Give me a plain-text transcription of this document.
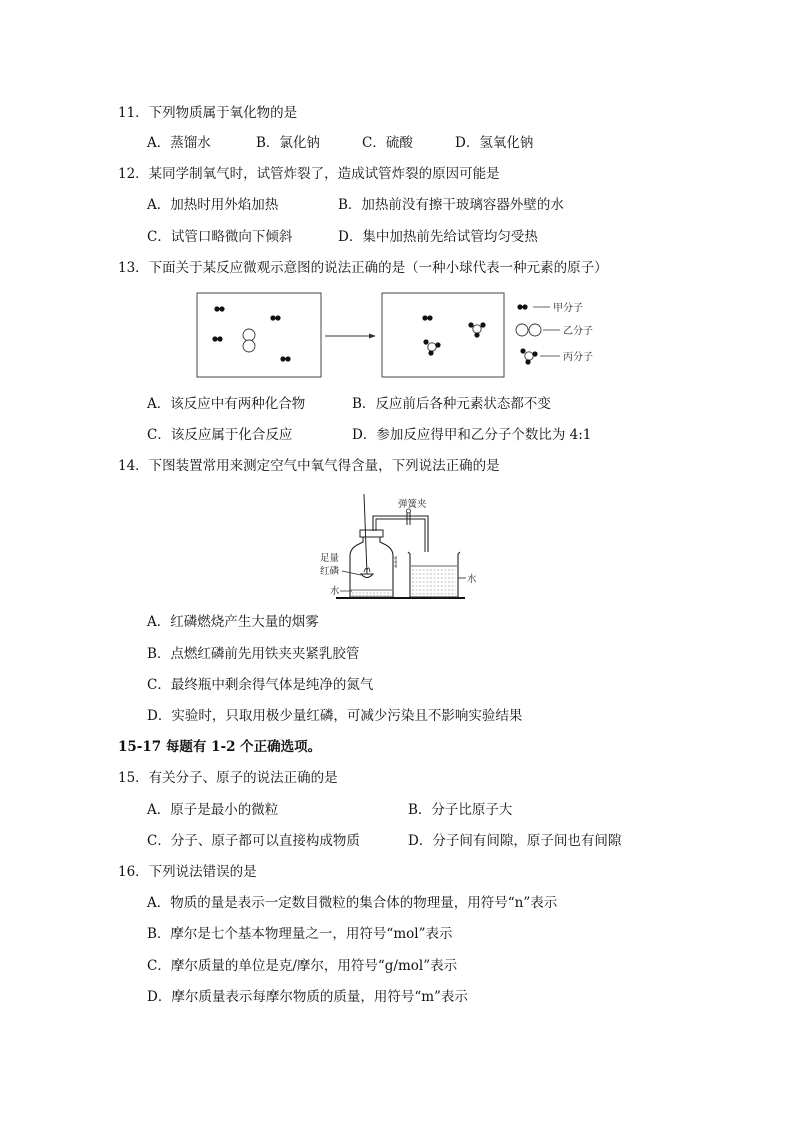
11．下列物质属于氧化物的是
A．蒸馏水	B．氯化钠	C．硫酸	D．氢氧化钠
12．某同学制氧气时，试管炸裂了，造成试管炸裂的原因可能是
A．加热时用外焰加热	B．加热前没有擦干玻璃容器外壁的水
C．试管口略微向下倾斜	D．集中加热前先给试管均匀受热
13．下面关于某反应微观示意图的说法正确的是（一种小球代表一种元素的原子）
甲分子
乙分子
丙分子
A．该反应中有两种化合物	B．反应前后各种元素状态都不变
C．该反应属于化合反应	D．参加反应得甲和乙分子个数比为 4:1
14．下图装置常用来测定空气中氧气得含量，下列说法正确的是
弹簧夹
足量
红磷
水
水
A．红磷燃烧产生大量的烟雾
B．点燃红磷前先用铁夹夹紧乳胶管
C．最终瓶中剩余得气体是纯净的氮气
D．实验时，只取用极少量红磷，可减少污染且不影响实验结果
15-17 每题有 1-2 个正确选项。
15．有关分子、原子的说法正确的是
A．原子是最小的微粒	B．分子比原子大
C．分子、原子都可以直接构成物质	D．分子间有间隙，原子间也有间隙
16．下列说法错误的是
A．物质的量是表示一定数目微粒的集合体的物理量，用符号“n”表示
B．摩尔是七个基本物理量之一，用符号“mol”表示
C．摩尔质量的单位是克/摩尔，用符号“g/mol”表示
D．摩尔质量表示每摩尔物质的质量，用符号“m”表示
